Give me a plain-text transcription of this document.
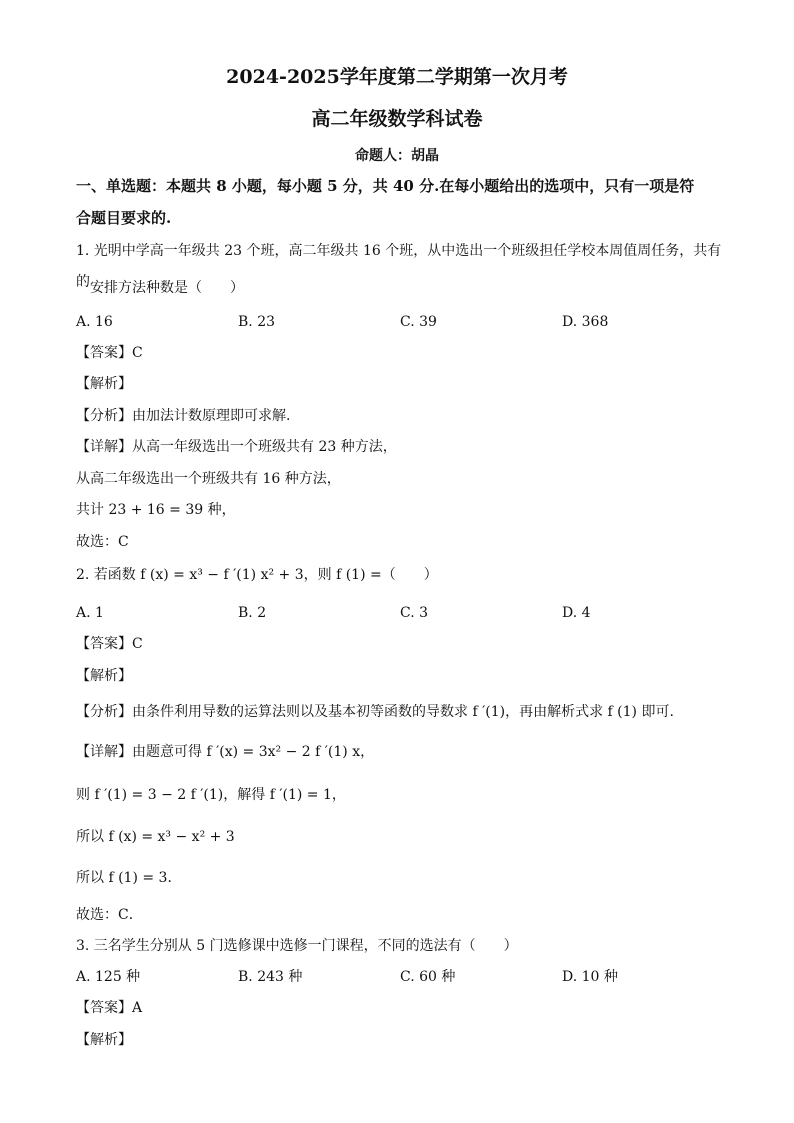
2024-2025学年度第二学期第一次月考
高二年级数学科试卷
命题人：胡晶
一、单选题：本题共 8 小题，每小题 5 分，共 40 分.在每小题给出的选项中，只有一项是符
合题目要求的.
1. 光明中学高一年级共 23 个班，高二年级共 16 个班，从中选出一个班级担任学校本周值周任务，共有
的安排方法种数是（　　）
A. 16	B. 23	C. 39	D. 368
【答案】C
【解析】
【分析】由加法计数原理即可求解.
【详解】从高一年级选出一个班级共有 23 种方法，
从高二年级选出一个班级共有 16 种方法，
共计 23 + 16 = 39 种，
故选：C
2. 若函数 f (x) = x³ − f ′(1) x² + 3，则 f (1) =（　　）
A. 1	B. 2	C. 3	D. 4
【答案】C
【解析】
【分析】由条件利用导数的运算法则以及基本初等函数的导数求 f ′(1)，再由解析式求 f (1) 即可.
【详解】由题意可得 f ′(x) = 3x² − 2 f ′(1) x，
则 f ′(1) = 3 − 2 f ′(1)，解得 f ′(1) = 1，
所以 f (x) = x³ − x² + 3
所以 f (1) = 3．
故选：C．
3. 三名学生分别从 5 门选修课中选修一门课程，不同的选法有（　　）
A. 125 种	B. 243 种	C. 60 种	D. 10 种
【答案】A
【解析】
